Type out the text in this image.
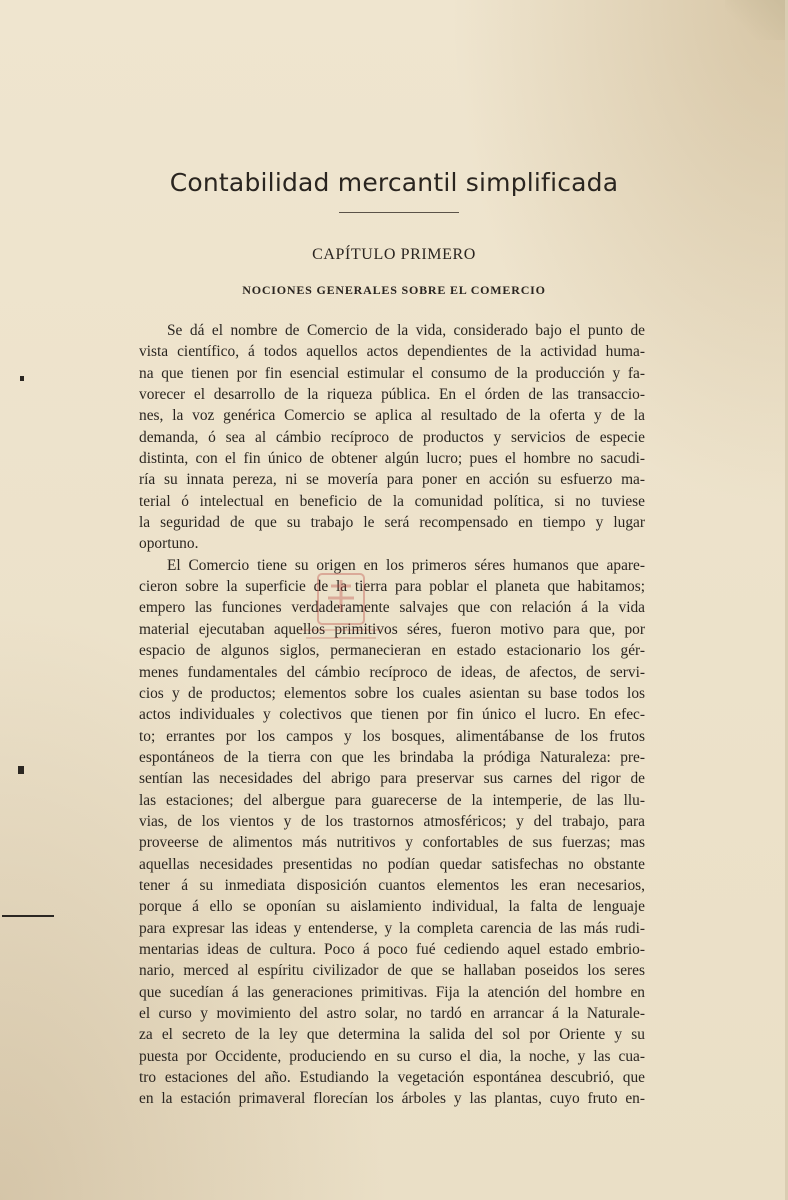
Contabilidad mercantil simplificada
CAPÍTULO PRIMERO
NOCIONES GENERALES SOBRE EL COMERCIO
Se dá el nombre de Comercio de la vida, considerado bajo el punto de
vista científico, á todos aquellos actos dependientes de la actividad huma-
na que tienen por fin esencial estimular el consumo de la producción y fa-
vorecer el desarrollo de la riqueza pública. En el órden de las transaccio-
nes, la voz genérica Comercio se aplica al resultado de la oferta y de la
demanda, ó sea al cámbio recíproco de productos y servicios de especie
distinta, con el fin único de obtener algún lucro; pues el hombre no sacudi-
ría su innata pereza, ni se movería para poner en acción su esfuerzo ma-
terial ó intelectual en beneficio de la comunidad política, si no tuviese
la seguridad de que su trabajo le será recompensado en tiempo y lugar
oportuno.
El Comercio tiene su origen en los primeros séres humanos que apare-
cieron sobre la superficie de la tierra para poblar el planeta que habitamos;
empero las funciones verdaderamente salvajes que con relación á la vida
material ejecutaban aquellos primitivos séres, fueron motivo para que, por
espacio de algunos siglos, permanecieran en estado estacionario los gér-
menes fundamentales del cámbio recíproco de ideas, de afectos, de servi-
cios y de productos; elementos sobre los cuales asientan su base todos los
actos individuales y colectivos que tienen por fin único el lucro. En efec-
to; errantes por los campos y los bosques, alimentábanse de los frutos
espontáneos de la tierra con que les brindaba la pródiga Naturaleza: pre-
sentían las necesidades del abrigo para preservar sus carnes del rigor de
las estaciones; del albergue para guarecerse de la intemperie, de las llu-
vias, de los vientos y de los trastornos atmosféricos; y del trabajo, para
proveerse de alimentos más nutritivos y confortables de sus fuerzas; mas
aquellas necesidades presentidas no podían quedar satisfechas no obstante
tener á su inmediata disposición cuantos elementos les eran necesarios,
porque á ello se oponían su aislamiento individual, la falta de lenguaje
para expresar las ideas y entenderse, y la completa carencia de las más rudi-
mentarias ideas de cultura. Poco á poco fué cediendo aquel estado embrio-
nario, merced al espíritu civilizador de que se hallaban poseidos los seres
que sucedían á las generaciones primitivas. Fija la atención del hombre en
el curso y movimiento del astro solar, no tardó en arrancar á la Naturale-
za el secreto de la ley que determina la salida del sol por Oriente y su
puesta por Occidente, produciendo en su curso el dia, la noche, y las cua-
tro estaciones del año. Estudiando la vegetación espontánea descubrió, que
en la estación primaveral florecían los árboles y las plantas, cuyo fruto en-
